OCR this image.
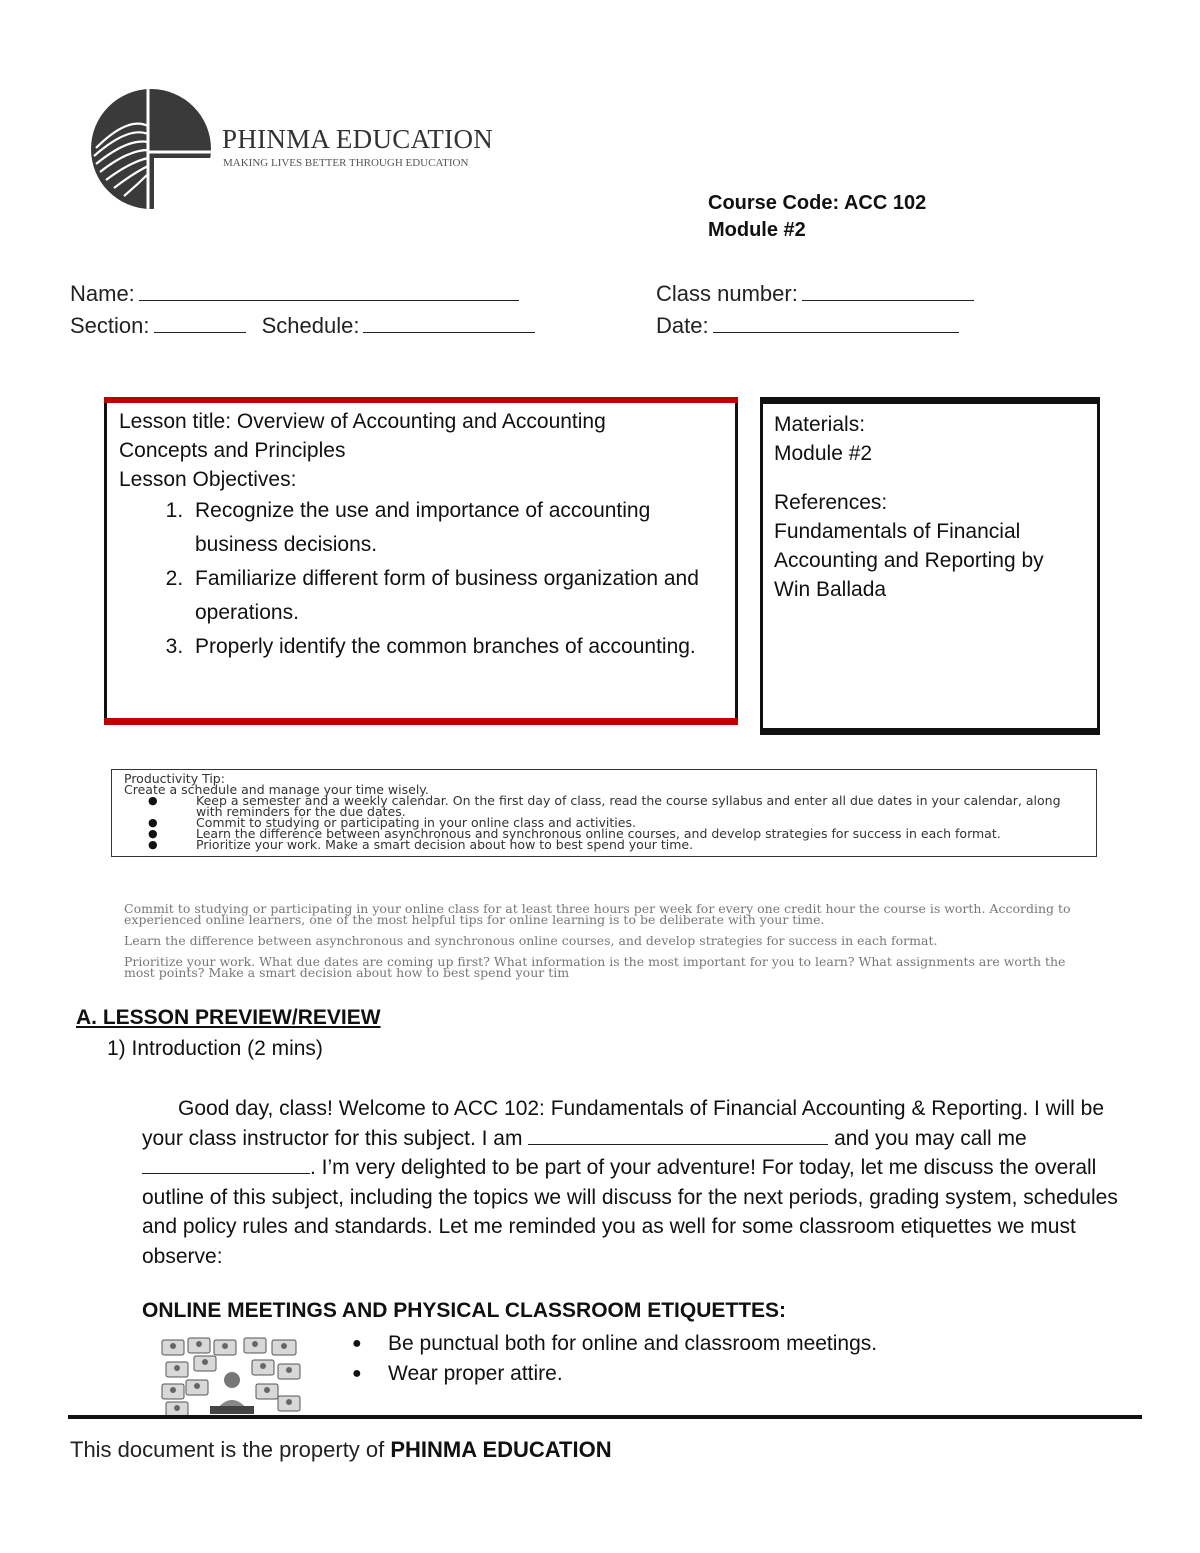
PHINMA EDUCATION
MAKING LIVES BETTER THROUGH EDUCATION
Course Code: ACC 102
Module #2
Name:
Section:	Schedule:
Class number:
Date:
Lesson title: Overview of Accounting and Accounting
Concepts and Principles
Lesson Objectives:
1. Recognize the use and importance of accounting business decisions.
2. Familiarize different form of business organization and operations.
3. Properly identify the common branches of accounting.
Materials:
Module #2
References:
Fundamentals of Financial Accounting and Reporting by Win Ballada
Productivity Tip:
Create a schedule and manage your time wisely.
● Keep a semester and a weekly calendar. On the first day of class, read the course syllabus and enter all due dates in your calendar, along with reminders for the due dates.
● Commit to studying or participating in your online class and activities.
● Learn the difference between asynchronous and synchronous online courses, and develop strategies for success in each format.
● Prioritize your work. Make a smart decision about how to best spend your time.

Commit to studying or participating in your online class for at least three hours per week for every one credit hour the course is worth. According to experienced online learners, one of the most helpful tips for online learning is to be deliberate with your time.

Learn the difference between asynchronous and synchronous online courses, and develop strategies for success in each format.

Prioritize your work. What due dates are coming up first? What information is the most important for you to learn? What assignments are worth the most points? Make a smart decision about how to best spend your tim

A. LESSON PREVIEW/REVIEW
1) Introduction (2 mins)
Good day, class! Welcome to ACC 102: Fundamentals of Financial Accounting & Reporting. I will be your class instructor for this subject. I am	and you may call me . I’m very delighted to be part of your adventure! For today, let me discuss the overall outline of this subject, including the topics we will discuss for the next periods, grading system, schedules and policy rules and standards. Let me reminded you as well for some classroom etiquettes we must observe:
ONLINE MEETINGS AND PHYSICAL CLASSROOM ETIQUETTES:
● Be punctual both for online and classroom meetings.
● Wear proper attire.
This document is the property of PHINMA EDUCATION
